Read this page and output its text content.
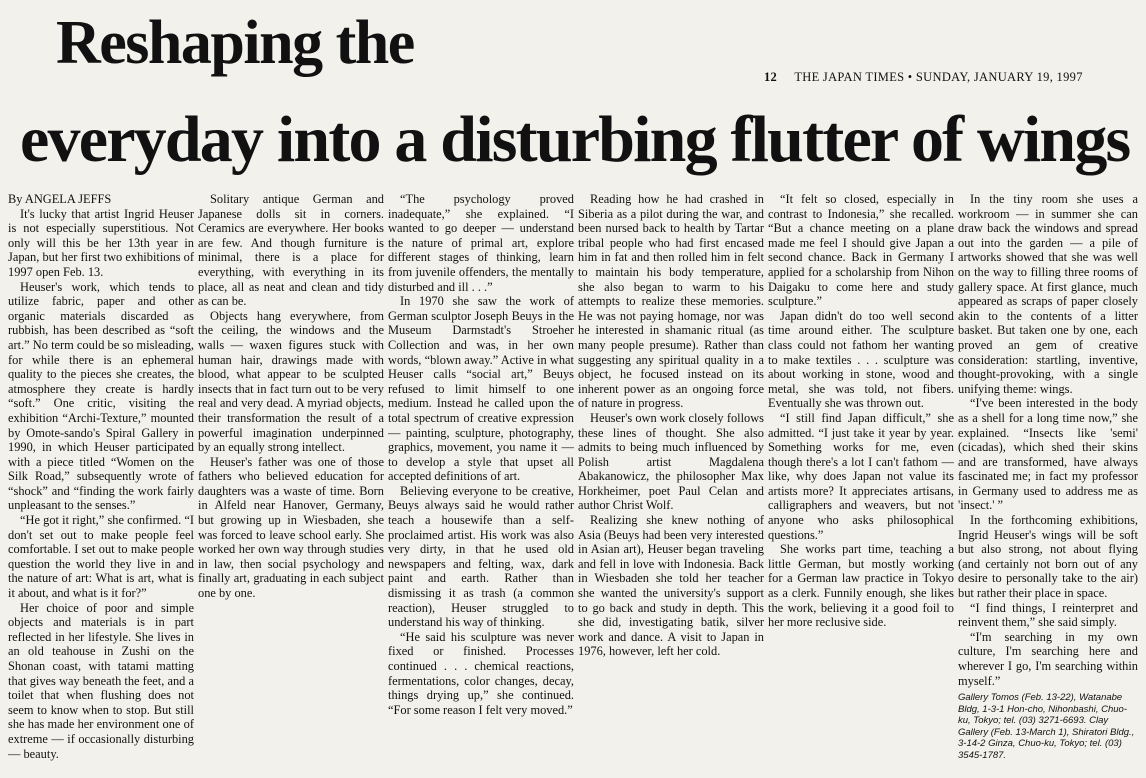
Reshaping the	12 THE JAPAN TIMES • SUNDAY, JANUARY 19, 1997
everyday into a disturbing flutter of wings

By ANGELA JEFFS

It's lucky that artist Ingrid Heuser is not especially superstitious. Not only will this be her 13th year in Japan, but her first two exhibitions of 1997 open Feb. 13.

Heuser's work, which tends to utilize fabric, paper and other organic materials discarded as rubbish, has been described as “soft art.” No term could be so misleading, for while there is an ephemeral quality to the pieces she creates, the atmosphere they create is hardly “soft.” One critic, visiting the exhibition “Archi-Texture,” mounted by Omote-sando's Spiral Gallery in 1990, in which Heuser participated with a piece titled “Women on the Silk Road,” subsequently wrote of “shock” and “finding the work fairly unpleasant to the senses.”

“He got it right,” she confirmed. “I don't set out to make people feel comfortable. I set out to make people question the world they live in and the nature of art: What is art, what is it about, and what is it for?”

Her choice of poor and simple objects and materials is in part reflected in her lifestyle. She lives in an old teahouse in Zushi on the Shonan coast, with tatami matting that gives way beneath the feet, and a toilet that when flushing does not seem to know when to stop. But still she has made her environment one of extreme — if occasionally disturbing — beauty.

Solitary antique German and Japanese dolls sit in corners. Ceramics are everywhere. Her books are few. And though furniture is minimal, there is a place for everything, with everything in its place, all as neat and clean and tidy as can be.

Objects hang everywhere, from the ceiling, the windows and the walls — waxen figures stuck with human hair, drawings made with blood, what appear to be sculpted insects that in fact turn out to be very real and very dead. A myriad objects, their transformation the result of a powerful imagination underpinned by an equally strong intellect.

Heuser's father was one of those fathers who believed education for daughters was a waste of time. Born in Alfeld near Hanover, Germany, but growing up in Wiesbaden, she was forced to leave school early. She worked her own way through studies in law, then social psychology and finally art, graduating in each subject one by one.

“The psychology proved inadequate,” she explained. “I wanted to go deeper — understand the nature of primal art, explore different stages of thinking, learn from juvenile offenders, the mentally disturbed and ill . . .”

In 1970 she saw the work of German sculptor Joseph Beuys in the Museum Darmstadt's Stroeher Collection and was, in her own words, “blown away.” Active in what Heuser calls “social art,” Beuys refused to limit himself to one medium. Instead he called upon the total spectrum of creative expression — painting, sculpture, photography, graphics, movement, you name it — to develop a style that upset all accepted definitions of art.

Believing everyone to be creative, Beuys always said he would rather teach a housewife than a self-proclaimed artist. His work was also very dirty, in that he used old newspapers and felting, wax, dark paint and earth. Rather than dismissing it as trash (a common reaction), Heuser struggled to understand his way of thinking.

“He said his sculpture was never fixed or finished. Processes continued . . . chemical reactions, fermentations, color changes, decay, things drying up,” she continued. “For some reason I felt very moved.”

Reading how he had crashed in Siberia as a pilot during the war, and been nursed back to health by Tartar tribal people who had first encased him in fat and then rolled him in felt to maintain his body temperature, she also began to warm to his attempts to realize these memories. He was not paying homage, nor was he interested in shamanic ritual (as many people presume). Rather than suggesting any spiritual quality in a object, he focused instead on its inherent power as an ongoing force of nature in progress.

Heuser's own work closely follows these lines of thought. She also admits to being much influenced by Polish artist Magdalena Abakanowicz, the philosopher Max Horkheimer, poet Paul Celan and author Christ Wolf.

Realizing she knew nothing of Asia (Beuys had been very interested in Asian art), Heuser began traveling and fell in love with Indonesia. Back in Wiesbaden she told her teacher she wanted the university's support to go back and study in depth. This she did, investigating batik, silver work and dance. A visit to Japan in 1976, however, left her cold.

“It felt so closed, especially in contrast to Indonesia,” she recalled. “But a chance meeting on a plane made me feel I should give Japan a second chance. Back in Germany I applied for a scholarship from Nihon Daigaku to come here and study sculpture.”

Japan didn't do too well second time around either. The sculpture class could not fathom her wanting to make textiles . . . sculpture was about working in stone, wood and metal, she was told, not fibers. Eventually she was thrown out.

“I still find Japan difficult,” she admitted. “I just take it year by year. Something works for me, even though there's a lot I can't fathom — like, why does Japan not value its artists more? It appreciates artisans, calligraphers and weavers, but not anyone who asks philosophical questions.”

She works part time, teaching a little German, but mostly working for a German law practice in Tokyo as a clerk. Funnily enough, she likes the work, believing it a good foil to her more reclusive side.

In the tiny room she uses a workroom — in summer she can draw back the windows and spread out into the garden — a pile of artworks showed that she was well on the way to filling three rooms of gallery space. At first glance, much appeared as scraps of paper closely akin to the contents of a litter basket. But taken one by one, each proved an gem of creative consideration: startling, inventive, thought-provoking, with a single unifying theme: wings.

“I've been interested in the body as a shell for a long time now,” she explained. “Insects like 'semi' (cicadas), which shed their skins and are transformed, have always fascinated me; in fact my professor in Germany used to address me as 'insect.' ”

In the forthcoming exhibitions, Ingrid Heuser's wings will be soft but also strong, not about flying (and certainly not born out of any desire to personally take to the air) but rather their place in space.

“I find things, I reinterpret and reinvent them,” she said simply.

“I'm searching in my own culture, I'm searching here and wherever I go, I'm searching within myself.”

Gallery Tomos (Feb. 13-22), Watanabe Bldg, 1-3-1 Hon-cho, Nihonbashi, Chuo-ku, Tokyo; tel. (03) 3271-6693. Clay Gallery (Feb. 13-March 1), Shiratori Bldg., 3-14-2 Ginza, Chuo-ku, Tokyo; tel. (03) 3545-1787.
